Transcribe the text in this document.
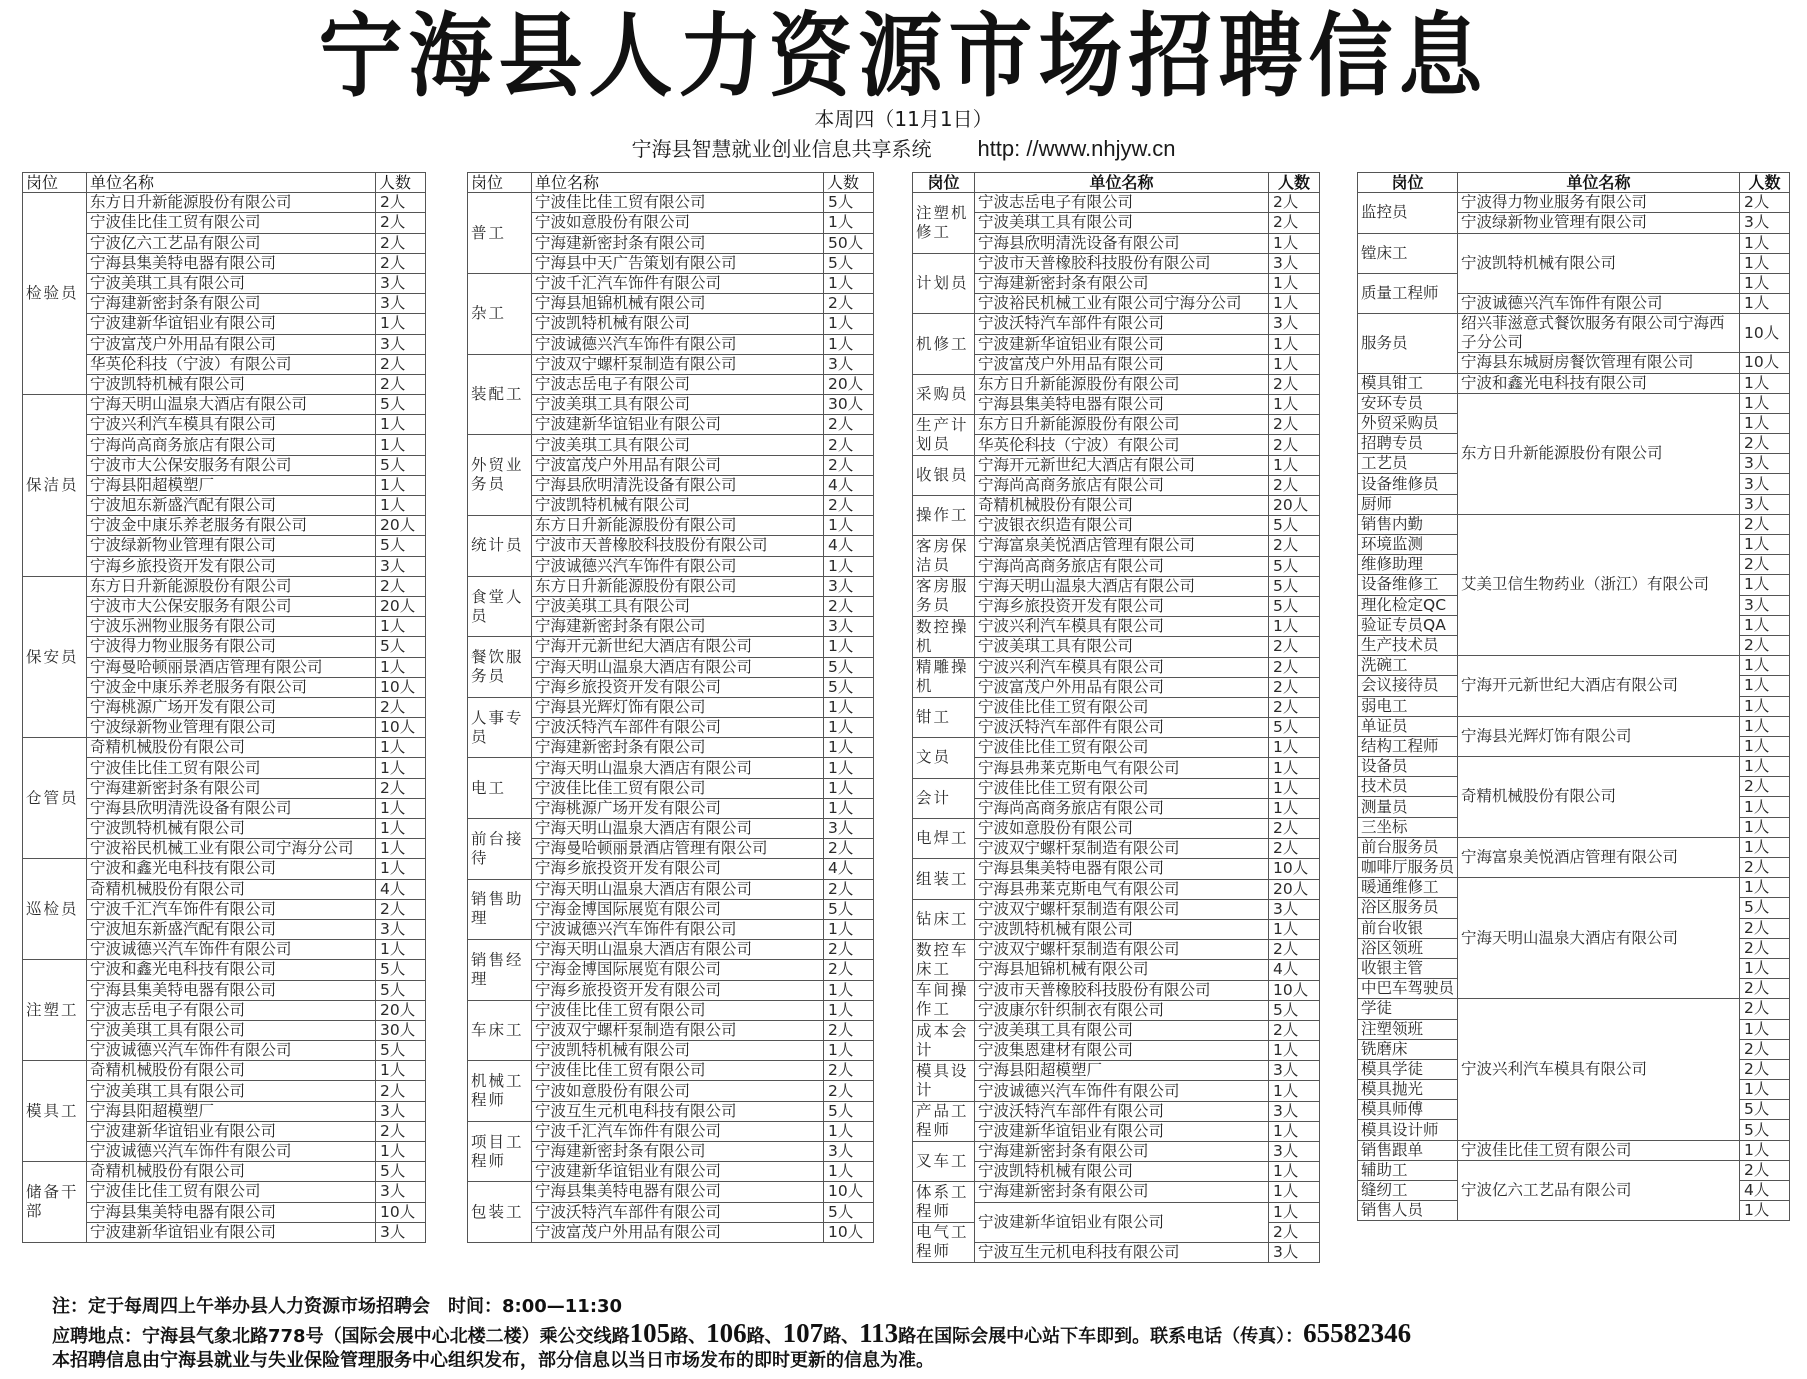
宁海县人力资源市场招聘信息
本周四（11月1日）
宁海县智慧就业创业信息共享系统 http: //www.nhjyw.cn
岗位	单位名称	人数
检验员	东方日升新能源股份有限公司	2人
	宁波佳比佳工贸有限公司	2人
	宁波亿六工艺品有限公司	2人
	宁海县集美特电器有限公司	2人
	宁波美琪工具有限公司	3人
	宁海建新密封条有限公司	3人
	宁波建新华谊铝业有限公司	1人
	宁波富茂户外用品有限公司	3人
	华英伦科技（宁波）有限公司	2人
	宁波凯特机械有限公司	2人
保洁员	宁海天明山温泉大酒店有限公司	5人
	宁波兴利汽车模具有限公司	1人
	宁海尚高商务旅店有限公司	1人
	宁波市大公保安服务有限公司	5人
	宁海县阳超模塑厂	1人
	宁波旭东新盛汽配有限公司	1人
	宁波金中康乐养老服务有限公司	20人
	宁波绿新物业管理有限公司	5人
	宁海乡旅投资开发有限公司	3人
保安员	东方日升新能源股份有限公司	2人
	宁波市大公保安服务有限公司	20人
	宁波乐洲物业服务有限公司	1人
	宁波得力物业服务有限公司	5人
	宁海曼哈顿丽景酒店管理有限公司	1人
	宁波金中康乐养老服务有限公司	10人
	宁海桃源广场开发有限公司	2人
	宁波绿新物业管理有限公司	10人
仓管员	奇精机械股份有限公司	1人
	宁波佳比佳工贸有限公司	1人
	宁海建新密封条有限公司	2人
	宁海县欣明清洗设备有限公司	1人
	宁波凯特机械有限公司	1人
	宁波裕民机械工业有限公司宁海分公司	1人
巡检员	宁波和鑫光电科技有限公司	1人
	奇精机械股份有限公司	4人
	宁波千汇汽车饰件有限公司	2人
	宁波旭东新盛汽配有限公司	3人
	宁波诚德兴汽车饰件有限公司	1人
注塑工	宁波和鑫光电科技有限公司	5人
	宁海县集美特电器有限公司	5人
	宁波志岳电子有限公司	20人
	宁波美琪工具有限公司	30人
	宁波诚德兴汽车饰件有限公司	5人
模具工	奇精机械股份有限公司	1人
	宁波美琪工具有限公司	2人
	宁海县阳超模塑厂	3人
	宁波建新华谊铝业有限公司	2人
	宁波诚德兴汽车饰件有限公司	1人
储备干部	奇精机械股份有限公司	5人
	宁波佳比佳工贸有限公司	3人
	宁海县集美特电器有限公司	10人
	宁波建新华谊铝业有限公司	3人
岗位	单位名称	人数
普工	宁波佳比佳工贸有限公司	5人
	宁波如意股份有限公司	1人
	宁海建新密封条有限公司	50人
	宁海县中天广告策划有限公司	5人
杂工	宁波千汇汽车饰件有限公司	1人
	宁海县旭锦机械有限公司	2人
	宁波凯特机械有限公司	1人
	宁波诚德兴汽车饰件有限公司	1人
装配工	宁波双宁螺杆泵制造有限公司	3人
	宁波志岳电子有限公司	20人
	宁波美琪工具有限公司	30人
	宁波建新华谊铝业有限公司	2人
外贸业务员	宁波美琪工具有限公司	2人
	宁波富茂户外用品有限公司	2人
	宁海县欣明清洗设备有限公司	4人
	宁波凯特机械有限公司	2人
统计员	东方日升新能源股份有限公司	1人
	宁波市天普橡胶科技股份有限公司	4人
	宁波诚德兴汽车饰件有限公司	1人
食堂人员	东方日升新能源股份有限公司	3人
	宁波美琪工具有限公司	2人
	宁海建新密封条有限公司	3人
餐饮服务员	宁海开元新世纪大酒店有限公司	1人
	宁海天明山温泉大酒店有限公司	5人
	宁海乡旅投资开发有限公司	5人
人事专员	宁海县光辉灯饰有限公司	1人
	宁波沃特汽车部件有限公司	1人
	宁海建新密封条有限公司	1人
电工	宁海天明山温泉大酒店有限公司	1人
	宁波佳比佳工贸有限公司	1人
	宁海桃源广场开发有限公司	1人
前台接待	宁海天明山温泉大酒店有限公司	3人
	宁海曼哈顿丽景酒店管理有限公司	2人
	宁海乡旅投资开发有限公司	4人
销售助理	宁海天明山温泉大酒店有限公司	2人
	宁海金博国际展览有限公司	5人
	宁波诚德兴汽车饰件有限公司	1人
销售经理	宁海天明山温泉大酒店有限公司	2人
	宁海金博国际展览有限公司	2人
	宁海乡旅投资开发有限公司	1人
车床工	宁波佳比佳工贸有限公司	1人
	宁波双宁螺杆泵制造有限公司	2人
	宁波凯特机械有限公司	1人
机械工程师	宁波佳比佳工贸有限公司	2人
	宁波如意股份有限公司	2人
	宁波互生元机电科技有限公司	5人
项目工程师	宁波千汇汽车饰件有限公司	1人
	宁海建新密封条有限公司	3人
	宁波建新华谊铝业有限公司	1人
包装工	宁海县集美特电器有限公司	10人
	宁波沃特汽车部件有限公司	5人
	宁波富茂户外用品有限公司	10人
岗位	单位名称	人数
注塑机修工	宁波志岳电子有限公司	2人
	宁波美琪工具有限公司	2人
	宁海县欣明清洗设备有限公司	1人
计划员	宁波市天普橡胶科技股份有限公司	3人
	宁海建新密封条有限公司	1人
	宁波裕民机械工业有限公司宁海分公司	1人
机修工	宁波沃特汽车部件有限公司	3人
	宁波建新华谊铝业有限公司	1人
	宁波富茂户外用品有限公司	1人
采购员	东方日升新能源股份有限公司	2人
	宁海县集美特电器有限公司	1人
生产计划员	东方日升新能源股份有限公司	2人
	华英伦科技（宁波）有限公司	2人
收银员	宁海开元新世纪大酒店有限公司	1人
	宁海尚高商务旅店有限公司	2人
操作工	奇精机械股份有限公司	20人
	宁波银衣织造有限公司	5人
客房保洁员	宁海富泉美悦酒店管理有限公司	2人
	宁海尚高商务旅店有限公司	5人
客房服务员	宁海天明山温泉大酒店有限公司	5人
	宁海乡旅投资开发有限公司	5人
数控操机	宁波兴利汽车模具有限公司	1人
	宁波美琪工具有限公司	2人
精雕操机	宁波兴利汽车模具有限公司	2人
	宁波富茂户外用品有限公司	2人
钳工	宁波佳比佳工贸有限公司	2人
	宁波沃特汽车部件有限公司	5人
文员	宁波佳比佳工贸有限公司	1人
	宁海县弗莱克斯电气有限公司	1人
会计	宁波佳比佳工贸有限公司	1人
	宁海尚高商务旅店有限公司	1人
电焊工	宁波如意股份有限公司	2人
	宁波双宁螺杆泵制造有限公司	2人
组装工	宁海县集美特电器有限公司	10人
	宁海县弗莱克斯电气有限公司	20人
钻床工	宁波双宁螺杆泵制造有限公司	3人
	宁波凯特机械有限公司	1人
数控车床工	宁波双宁螺杆泵制造有限公司	2人
	宁海县旭锦机械有限公司	4人
车间操作工	宁波市天普橡胶科技股份有限公司	10人
	宁波康尔针织制衣有限公司	5人
成本会计	宁波美琪工具有限公司	2人
	宁波集恩建材有限公司	1人
模具设计	宁海县阳超模塑厂	3人
	宁波诚德兴汽车饰件有限公司	1人
产品工程师	宁波沃特汽车部件有限公司	3人
	宁波建新华谊铝业有限公司	1人
叉车工	宁海建新密封条有限公司	3人
	宁波凯特机械有限公司	1人
体系工程师	宁海建新密封条有限公司	1人
	宁波建新华谊铝业有限公司	1人
电气工程师		2人
	宁波互生元机电科技有限公司	3人
岗位	单位名称	人数
监控员	宁波得力物业服务有限公司	2人
	宁波绿新物业管理有限公司	3人
镗床工	宁波凯特机械有限公司	1人
		1人
质量工程师		1人
	宁波诚德兴汽车饰件有限公司	1人
服务员	绍兴菲滋意式餐饮服务有限公司宁海西子分公司	10人
	宁海县东城厨房餐饮管理有限公司	10人
模具钳工	宁波和鑫光电科技有限公司	1人
安环专员	东方日升新能源股份有限公司	1人
外贸采购员		1人
招聘专员		2人
工艺员		3人
设备维修员		3人
厨师		3人
销售内勤	艾美卫信生物药业（浙江）有限公司	2人
环境监测		1人
维修助理		2人
设备维修工		1人
理化检定QC		3人
验证专员QA		1人
生产技术员		2人
洗碗工	宁海开元新世纪大酒店有限公司	1人
会议接待员		1人
弱电工		1人
单证员	宁海县光辉灯饰有限公司	1人
结构工程师		1人
设备员	奇精机械股份有限公司	1人
技术员		2人
测量员		1人
三坐标		1人
前台服务员	宁海富泉美悦酒店管理有限公司	1人
咖啡厅服务员		2人
暖通维修工	宁海天明山温泉大酒店有限公司	1人
浴区服务员		5人
前台收银		2人
浴区领班		2人
收银主管		1人
中巴车驾驶员		2人
学徒	宁波兴利汽车模具有限公司	2人
注塑领班		1人
铣磨床		2人
模具学徒		2人
模具抛光		1人
模具师傅		5人
模具设计师		5人
销售跟单	宁波佳比佳工贸有限公司	1人
辅助工	宁波亿六工艺品有限公司	2人
缝纫工		4人
销售人员		1人
注：定于每周四上午举办县人力资源市场招聘会　时间：8:00—11:30
应聘地点：宁海县气象北路778号（国际会展中心北楼二楼）乘公交线路105路、106路、107路、113路在国际会展中心站下车即到。联系电话（传真）：65582346
本招聘信息由宁海县就业与失业保险管理服务中心组织发布，部分信息以当日市场发布的即时更新的信息为准。
